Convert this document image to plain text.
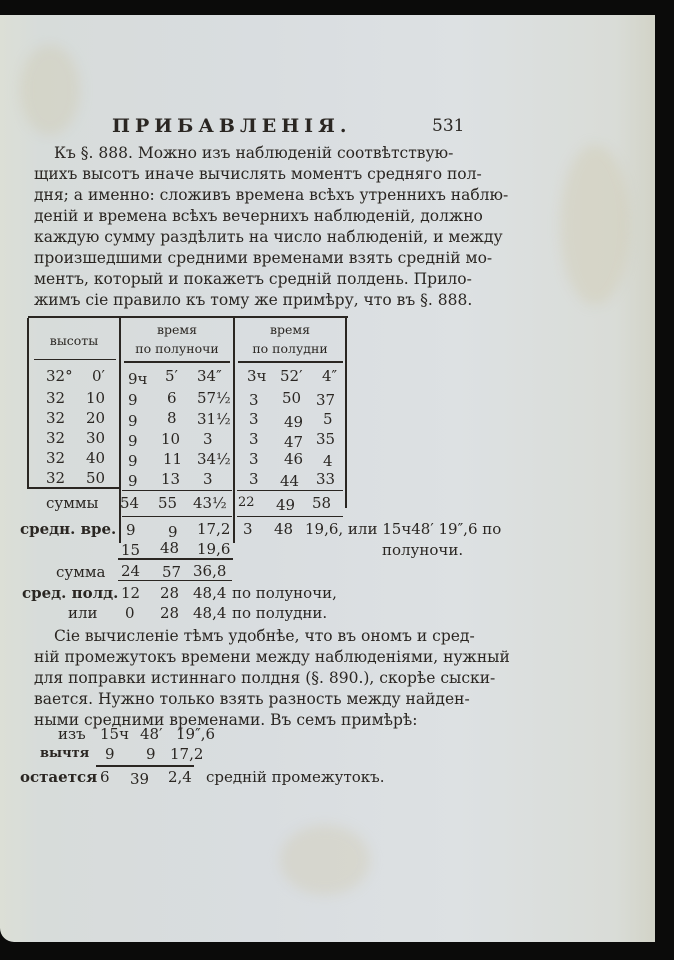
ПРИБАВЛЕНІЯ.	531
Къ §. 888. Можно изъ наблюденій соотвѣтствую-
щихъ высотъ иначе вычислять моментъ средняго пол-
дня; а именно: сложивъ времена всѣхъ утреннихъ наблю-
деній и времена всѣхъ вечернихъ наблюденій, должно
каждую сумму раздѣлить на число наблюденій, и между
произшедшими средними временами взять средній мо-
ментъ, который и покажетъ средній полдень. Прило-
жимъ сіе правило къ тому же примѣру, что въ §. 888.
высоты
время
по полуночи
время
по полудни
32° 0′ 9ч 5′ 34″ 3ч 52′ 4″
32 10 9 6 57½ 3 50 37
32 20 9 8 31½ 3 49 5
32 30 9 10 3 3 47 35
32 40 9 11 34½ 3 46 4
32 50 9 13 3 3 44 33
суммы 54 55 43½ 22 49 58
средн. вре. 9 9 17,2 3 48 19,6, или 15ч48′ 19″,6 по
полуночи.
15 48 19,6
сумма 24 57 36,8
сред. полд. 12 28 48,4 по полуночи,
или 0 28 48,4 по полудни.
Сіе вычисленіе тѣмъ удобнѣе, что въ ономъ и сред-
ній промежутокъ времени между наблюденіями, нужный
для поправки истиннаго полдня (§. 890.), скорѣе сыски-
вается. Нужно только взять разность между найден-
ными средними временами. Въ семъ примѣрѣ:
изъ 15ч 48′ 19″,6
вычтя 9 9 17,2
остается 6 39 2,4 средній промежутокъ.
